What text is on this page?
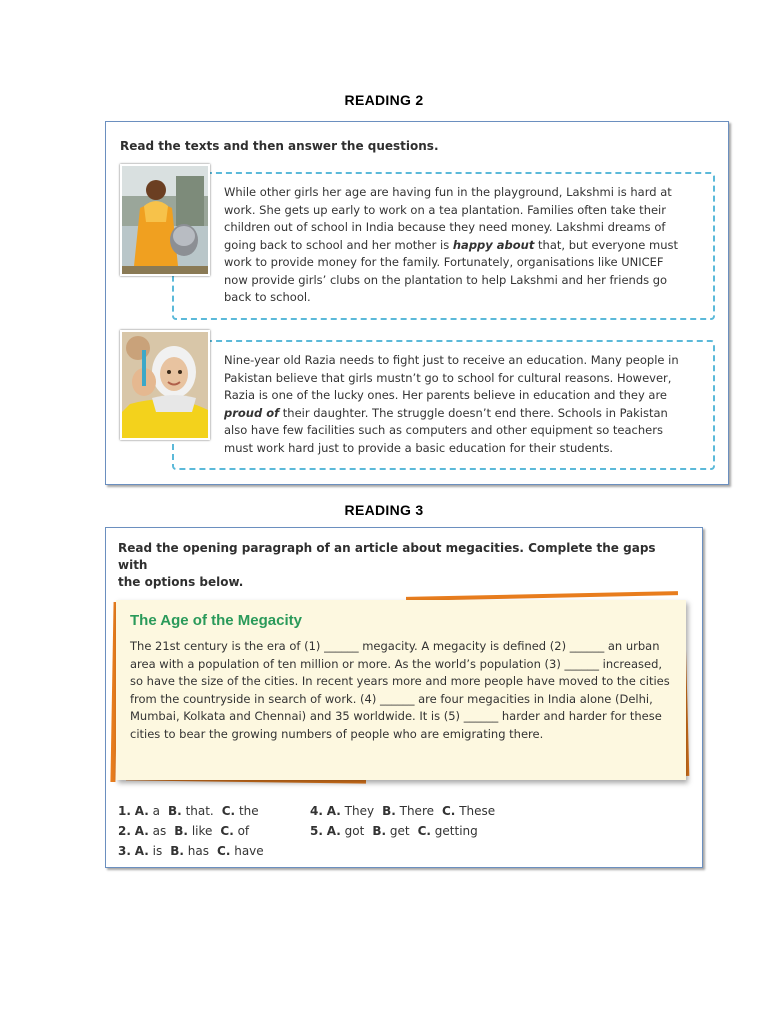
READING 2
Read the texts and then answer the questions.

While other girls her age are having fun in the playground, Lakshmi is hard at work. She gets up early to work on a tea plantation. Families often take their children out of school in India because they need money. Lakshmi dreams of going back to school and her mother is happy about that, but everyone must work to provide money for the family. Fortunately, organisations like UNICEF now provide girls’ clubs on the plantation to help Lakshmi and her friends go back to school.

Nine-year old Razia needs to fight just to receive an education. Many people in Pakistan believe that girls mustn’t go to school for cultural reasons. However, Razia is one of the lucky ones. Her parents believe in education and they are proud of their daughter. The struggle doesn’t end there. Schools in Pakistan also have few facilities such as computers and other equipment so teachers must work hard just to provide a basic education for their students.

READING 3
Read the opening paragraph of an article about megacities. Complete the gaps with
the options below.
The Age of the Megacity
The 21st century is the era of (1) ______ megacity. A megacity is defined (2) ______ an urban area with a population of ten million or more. As the world’s population (3) ______ increased, so have the size of the cities. In recent years more and more people have moved to the cities from the countryside in search of work. (4) ______ are four megacities in India alone (Delhi, Mumbai, Kolkata and Chennai) and 35 worldwide. It is (5) ______ harder and harder for these cities to bear the growing numbers of people who are emigrating there.
1. A. a B. that. C. the
2. A. as B. like C. of
3. A. is B. has C. have
4. A. They B. There C. These
5. A. got B. get C. getting
